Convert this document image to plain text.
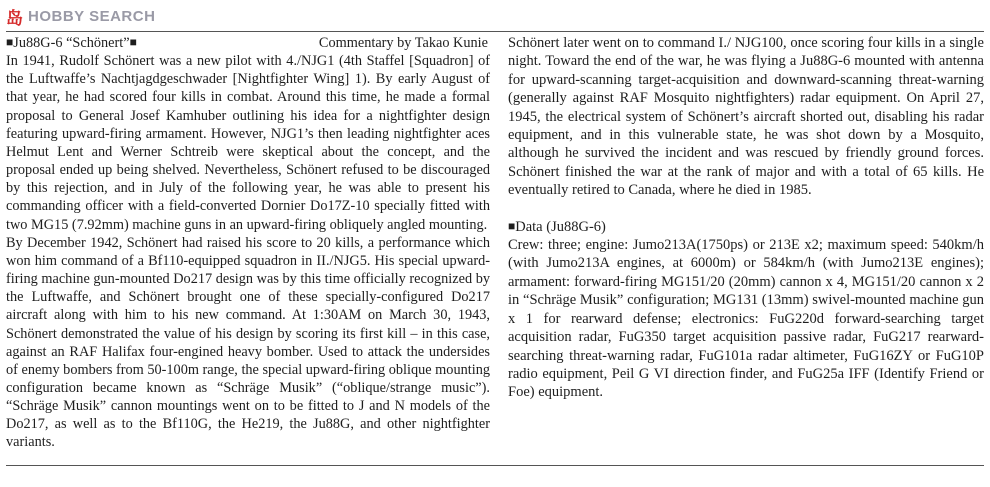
岛 HOBBY SEARCH
■Ju88G-6 “Schönert”■	Commentary by Takao Kunie

In 1941, Rudolf Schönert was a new pilot with 4./NJG1 (4th Staffel [Squadron] of the Luftwaffe’s Nachtjagdgeschwader [Nightfighter Wing] 1). By early August of that year, he had scored four kills in combat. Around this time, he made a formal proposal to General Josef Kamhuber outlining his idea for a nightfighter design featuring upward-firing armament. However, NJG1’s then leading nightfighter aces Helmut Lent and Werner Schtreib were skeptical about the concept, and the proposal ended up being shelved. Nevertheless, Schönert refused to be discouraged by this rejection, and in July of the following year, he was able to present his commanding officer with a field-converted Dornier Do17Z-10 specially fitted with two MG15 (7.92mm) machine guns in an upward-firing obliquely angled mounting.

By December 1942, Schönert had raised his score to 20 kills, a performance which won him command of a Bf110-equipped squadron in II./NJG5. His special upward-firing machine gun-mounted Do217 design was by this time officially recognized by the Luftwaffe, and Schönert brought one of these specially-configured Do217 aircraft along with him to his new command. At 1:30AM on March 30, 1943, Schönert demonstrated the value of his design by scoring its first kill – in this case, against an RAF Halifax four-engined heavy bomber. Used to attack the undersides of enemy bombers from 50-100m range, the special upward-firing oblique mounting configuration became known as “Schräge Musik” (“oblique/strange music”). “Schräge Musik” cannon mountings went on to be fitted to J and N models of the Do217, as well as to the Bf110G, the He219, the Ju88G, and other nightfighter variants.

Schönert later went on to command I./ NJG100, once scoring four kills in a single night. Toward the end of the war, he was flying a Ju88G-6 mounted with antenna for upward-scanning target-acquisition and downward-scanning threat-warning (generally against RAF Mosquito nightfighters) radar equipment. On April 27, 1945, the electrical system of Schönert’s aircraft shorted out, disabling his radar equipment, and in this vulnerable state, he was shot down by a Mosquito, although he survived the incident and was rescued by friendly ground forces. Schönert finished the war at the rank of major and with a total of 65 kills. He eventually retired to Canada, where he died in 1985.

■Data (Ju88G-6)

Crew: three; engine: Jumo213A(1750ps) or 213E x2; maximum speed: 540km/h (with Jumo213A engines, at 6000m) or 584km/h (with Jumo213E engines); armament: forward-firing MG151/20 (20mm) cannon x 4, MG151/20 cannon x 2 in “Schräge Musik” configuration; MG131 (13mm) swivel-mounted machine gun x 1 for rearward defense; electronics: FuG220d forward-searching target acquisition radar, FuG350 target acquisition passive radar, FuG217 rearward-searching threat-warning radar, FuG101a radar altimeter, FuG16ZY or FuG10P radio equipment, Peil G VI direction finder, and FuG25a IFF (Identify Friend or Foe) equipment.
